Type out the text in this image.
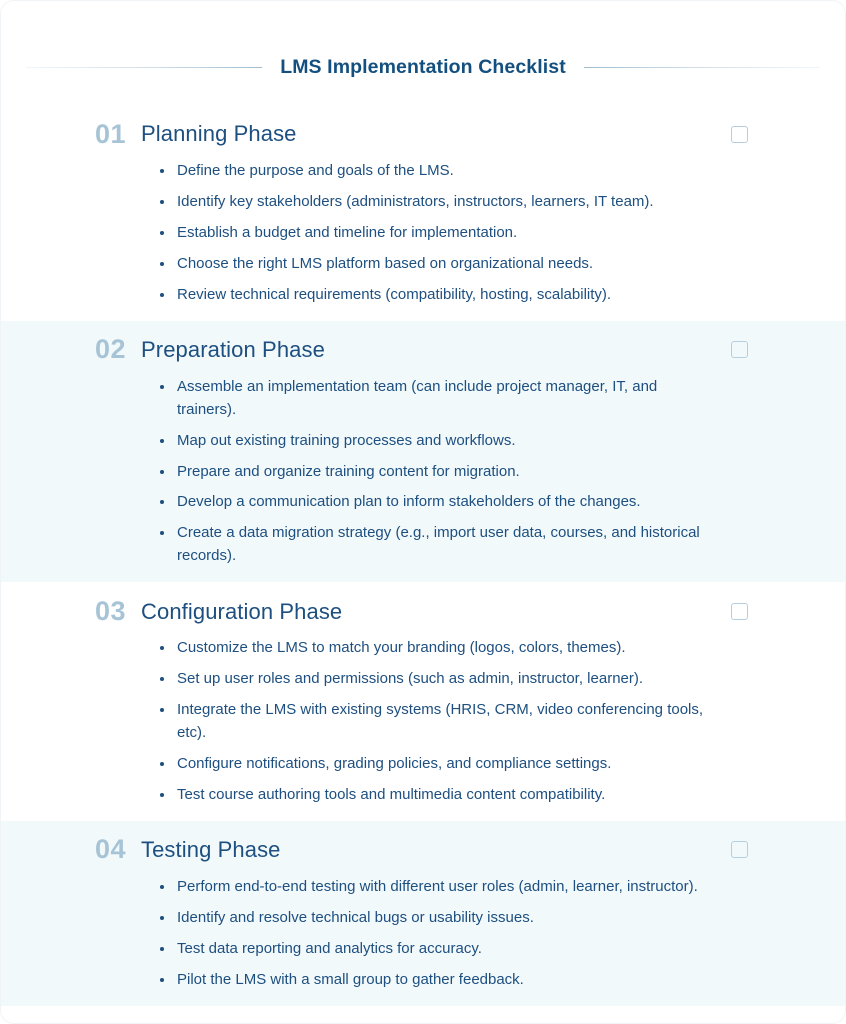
LMS Implementation Checklist
01 Planning Phase
Define the purpose and goals of the LMS.
Identify key stakeholders (administrators, instructors, learners, IT team).
Establish a budget and timeline for implementation.
Choose the right LMS platform based on organizational needs.
Review technical requirements (compatibility, hosting, scalability).
02 Preparation Phase
Assemble an implementation team (can include project manager, IT, and trainers).
Map out existing training processes and workflows.
Prepare and organize training content for migration.
Develop a communication plan to inform stakeholders of the changes.
Create a data migration strategy (e.g., import user data, courses, and historical records).
03 Configuration Phase
Customize the LMS to match your branding (logos, colors, themes).
Set up user roles and permissions (such as admin, instructor, learner).
Integrate the LMS with existing systems (HRIS, CRM, video conferencing tools, etc).
Configure notifications, grading policies, and compliance settings.
Test course authoring tools and multimedia content compatibility.
04 Testing Phase
Perform end-to-end testing with different user roles (admin, learner, instructor).
Identify and resolve technical bugs or usability issues.
Test data reporting and analytics for accuracy.
Pilot the LMS with a small group to gather feedback.
